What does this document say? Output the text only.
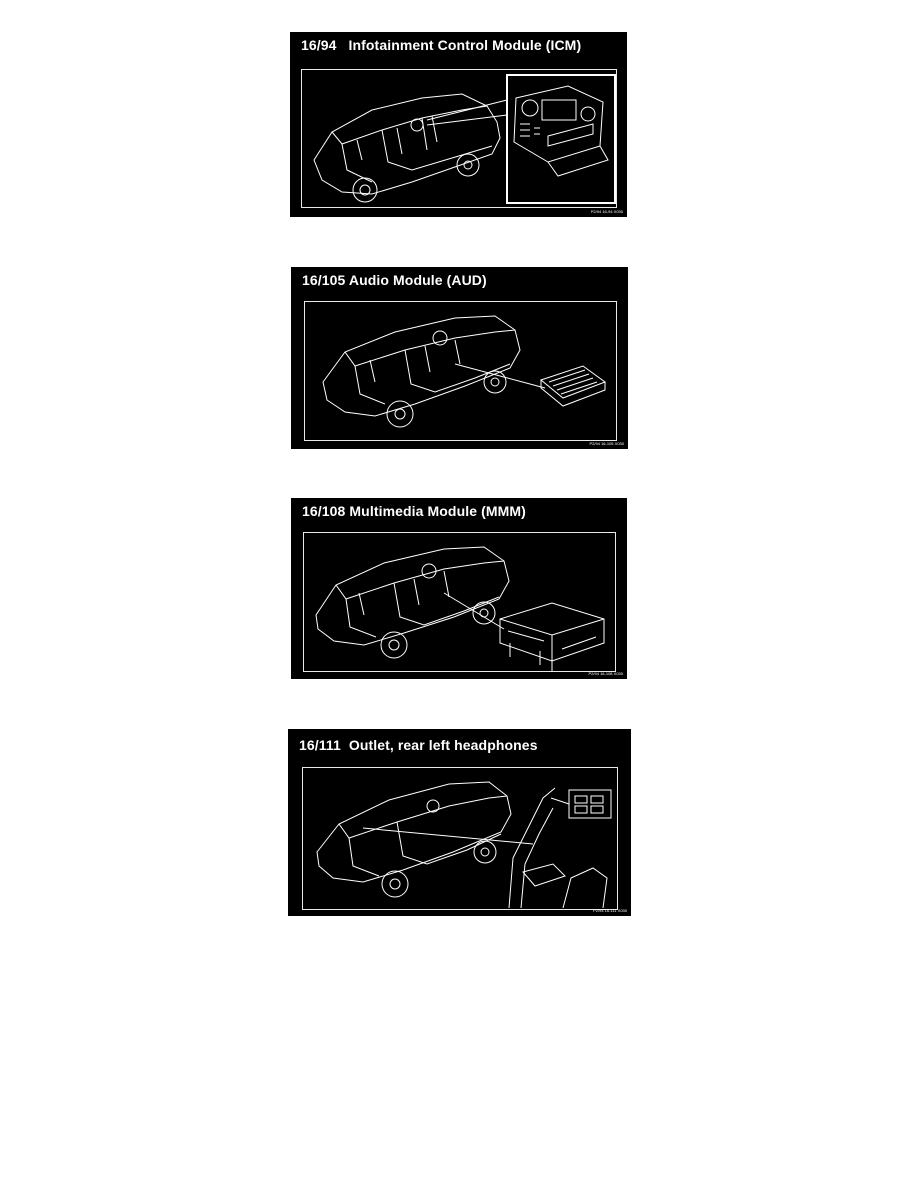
16/94   Infotainment Control Module (ICM)
P2/94 16-94 X030
16/105 Audio Module (AUD)
P2/94 16-105 X030
16/108 Multimedia Module (MMM)
P2/94 16-108 X030
16/111  Outlet, rear left headphones
P2/94 16-111 X030
